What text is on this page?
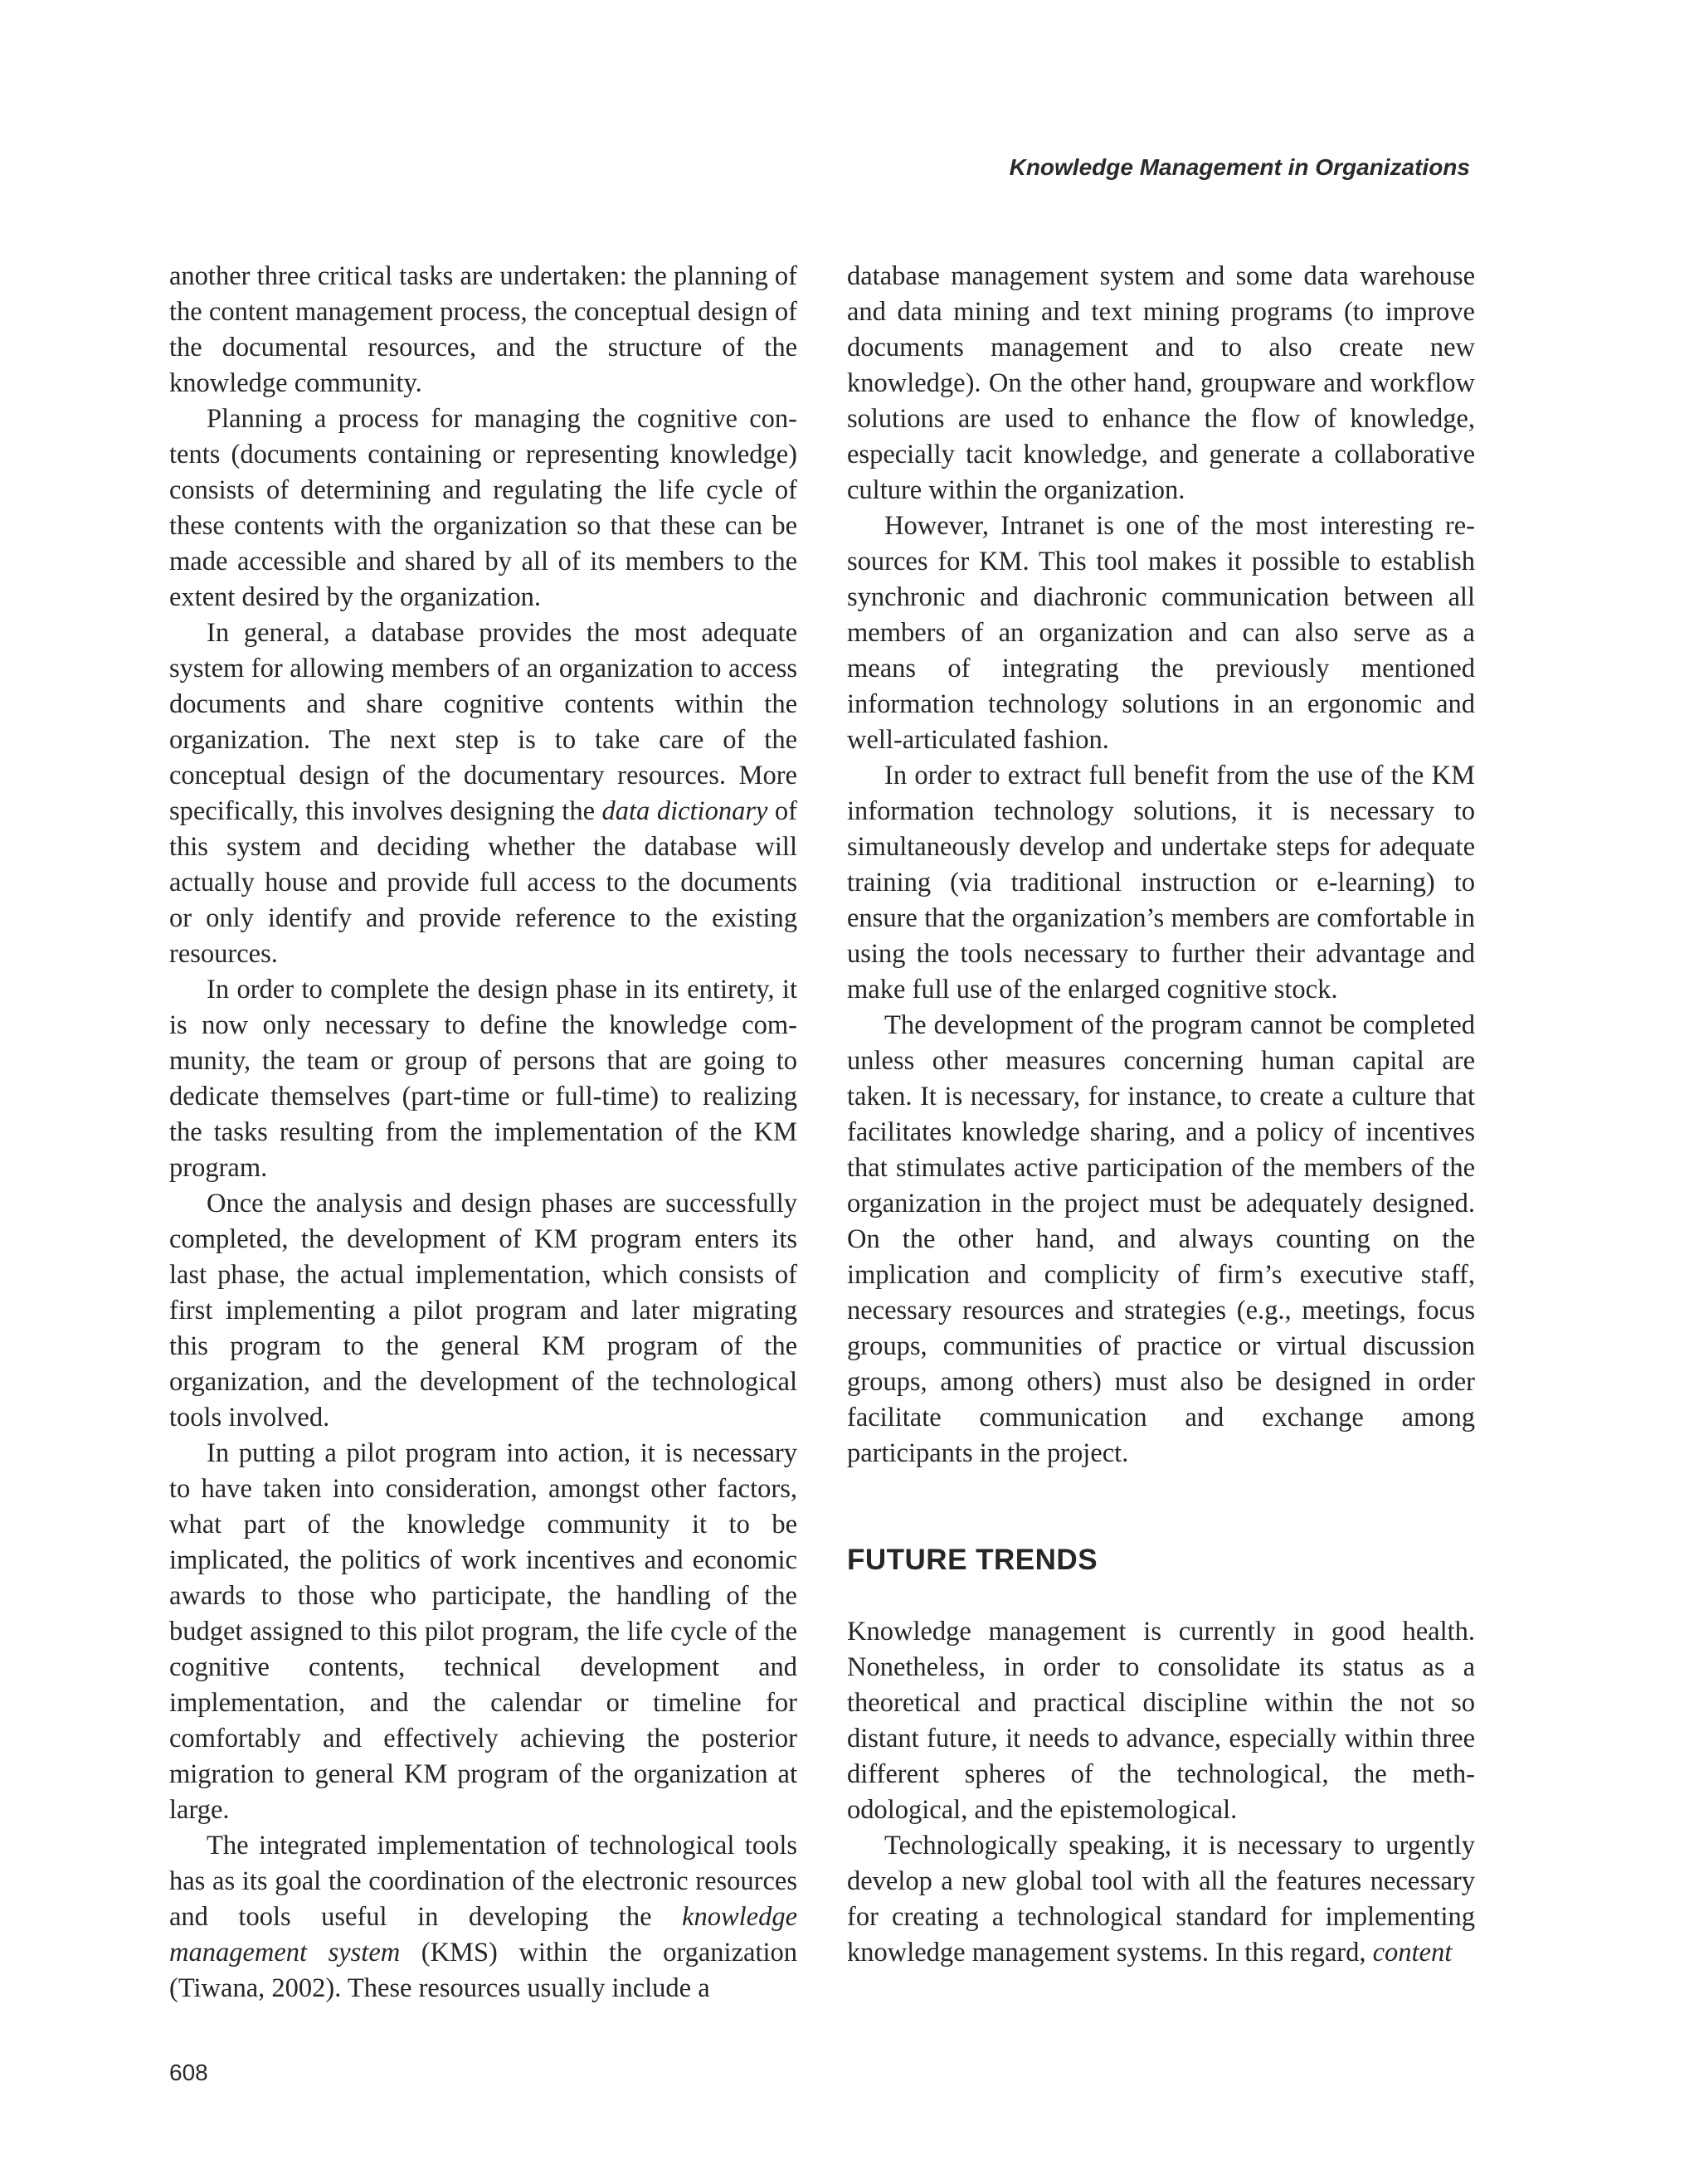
Knowledge Management in Organizations

another three critical tasks are undertaken: the planning of the content management process, the conceptual design of the documental resources, and the structure of the knowledge community.

Planning a process for managing the cognitive contents (documents containing or representing knowledge) consists of determining and regulating the life cycle of these contents with the organization so that these can be made accessible and shared by all of its members to the extent desired by the organization.

In general, a database provides the most adequate system for allowing members of an organization to access documents and share cognitive contents within the organization. The next step is to take care of the conceptual design of the documentary resources. More specifically, this involves designing the data dictionary of this system and deciding whether the database will actually house and provide full access to the documents or only identify and provide reference to the existing resources.

In order to complete the design phase in its entirety, it is now only necessary to define the knowledge community, the team or group of persons that are going to dedicate themselves (part-time or full-time) to realizing the tasks resulting from the implementation of the KM program.

Once the analysis and design phases are successfully completed, the development of KM program enters its last phase, the actual implementation, which consists of first implementing a pilot program and later migrating this program to the general KM program of the organization, and the development of the technological tools involved.

In putting a pilot program into action, it is necessary to have taken into consideration, amongst other factors, what part of the knowledge community it to be implicated, the politics of work incentives and economic awards to those who participate, the handling of the budget assigned to this pilot program, the life cycle of the cognitive contents, technical development and implementation, and the calendar or timeline for comfortably and effectively achieving the posterior migration to general KM program of the organization at large.

The integrated implementation of technological tools has as its goal the coordination of the electronic resources and tools useful in developing the knowledge management system (KMS) within the organization (Tiwana, 2002). These resources usually include a

database management system and some data warehouse and data mining and text mining programs (to improve documents management and to also create new knowledge). On the other hand, groupware and workflow solutions are used to enhance the flow of knowledge, especially tacit knowledge, and generate a collaborative culture within the organization.

However, Intranet is one of the most interesting resources for KM. This tool makes it possible to establish synchronic and diachronic communication between all members of an organization and can also serve as a means of integrating the previously mentioned information technology solutions in an ergonomic and well-articulated fashion.

In order to extract full benefit from the use of the KM information technology solutions, it is necessary to simultaneously develop and undertake steps for adequate training (via traditional instruction or e-learning) to ensure that the organization’s members are comfortable in using the tools necessary to further their advantage and make full use of the enlarged cognitive stock.

The development of the program cannot be completed unless other measures concerning human capital are taken. It is necessary, for instance, to create a culture that facilitates knowledge sharing, and a policy of incentives that stimulates active participation of the members of the organization in the project must be adequately designed. On the other hand, and always counting on the implication and complicity of firm’s executive staff, necessary resources and strategies (e.g., meetings, focus groups, communities of practice or virtual discussion groups, among others) must also be designed in order facilitate communication and exchange among participants in the project.

FUTURE TRENDS

Knowledge management is currently in good health. Nonetheless, in order to consolidate its status as a theoretical and practical discipline within the not so distant future, it needs to advance, especially within three different spheres of the technological, the methodological, and the epistemological.

Technologically speaking, it is necessary to urgently develop a new global tool with all the features necessary for creating a technological standard for implementing knowledge management systems. In this regard, content

608
